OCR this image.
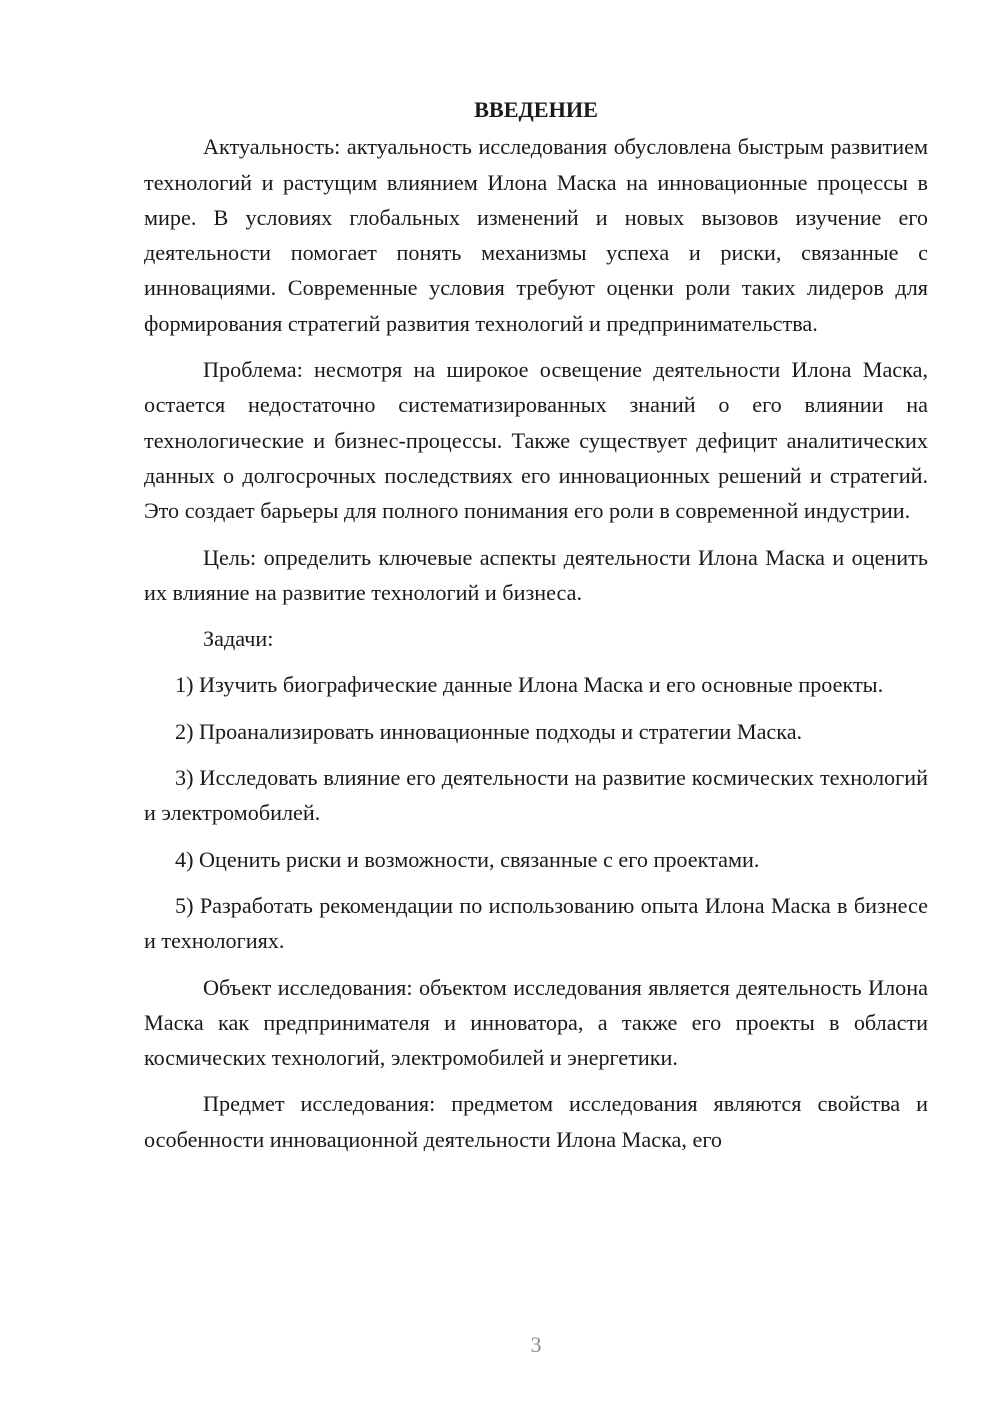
ВВЕДЕНИЕ

Актуальность: актуальность исследования обусловлена быстрым развитием технологий и растущим влиянием Илона Маска на инновационные процессы в мире. В условиях глобальных изменений и новых вызовов изучение его деятельности помогает понять механизмы успеха и риски, связанные с инновациями. Современные условия требуют оценки роли таких лидеров для формирования стратегий развития технологий и предпринимательства.

Проблема: несмотря на широкое освещение деятельности Илона Маска, остается недостаточно систематизированных знаний о его влиянии на технологические и бизнес-процессы. Также существует дефицит аналитических данных о долгосрочных последствиях его инновационных решений и стратегий. Это создает барьеры для полного понимания его роли в современной индустрии.

Цель: определить ключевые аспекты деятельности Илона Маска и оценить их влияние на развитие технологий и бизнеса.

Задачи:

1) Изучить биографические данные Илона Маска и его основные проекты.

2) Проанализировать инновационные подходы и стратегии Маска.

3) Исследовать влияние его деятельности на развитие космических технологий и электромобилей.

4) Оценить риски и возможности, связанные с его проектами.

5) Разработать рекомендации по использованию опыта Илона Маска в бизнесе и технологиях.

Объект исследования: объектом исследования является деятельность Илона Маска как предпринимателя и инноватора, а также его проекты в области космических технологий, электромобилей и энергетики.

Предмет исследования: предметом исследования являются свойства и особенности инновационной деятельности Илона Маска, его

3
